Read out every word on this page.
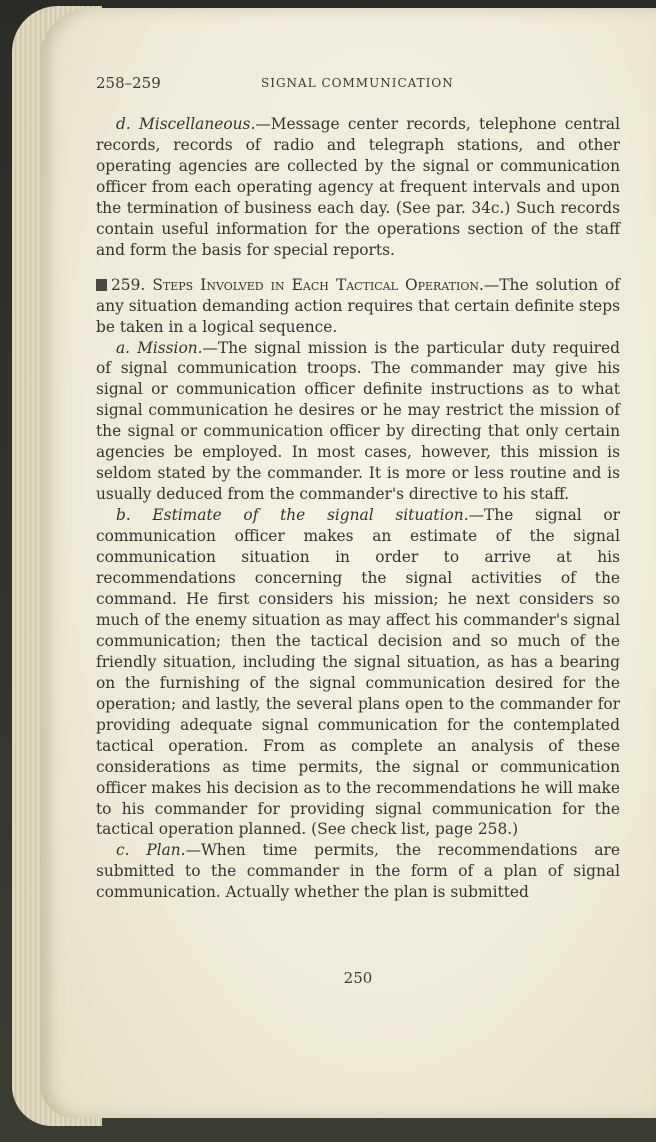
258–259	SIGNAL COMMUNICATION

d. Miscellaneous.—Message center records, telephone central records, records of radio and telegraph stations, and other operating agencies are collected by the signal or communication officer from each operating agency at frequent intervals and upon the termination of business each day. (See par. 34c.) Such records contain useful information for the operations section of the staff and form the basis for special reports.

259. Steps Involved in Each Tactical Operation.—The solution of any situation demanding action requires that certain definite steps be taken in a logical sequence.

a. Mission.—The signal mission is the particular duty required of signal communication troops. The commander may give his signal or communication officer definite instructions as to what signal communication he desires or he may restrict the mission of the signal or communication officer by directing that only certain agencies be employed. In most cases, however, this mission is seldom stated by the commander. It is more or less routine and is usually deduced from the commander's directive to his staff.

b. Estimate of the signal situation.—The signal or communication officer makes an estimate of the signal communication situation in order to arrive at his recommendations concerning the signal activities of the command. He first considers his mission; he next considers so much of the enemy situation as may affect his commander's signal communication; then the tactical decision and so much of the friendly situation, including the signal situation, as has a bearing on the furnishing of the signal communication desired for the operation; and lastly, the several plans open to the commander for providing adequate signal communication for the contemplated tactical operation. From as complete an analysis of these considerations as time permits, the signal or communication officer makes his decision as to the recommendations he will make to his commander for providing signal communication for the tactical operation planned. (See check list, page 258.)

c. Plan.—When time permits, the recommendations are submitted to the commander in the form of a plan of signal communication. Actually whether the plan is submitted

250
